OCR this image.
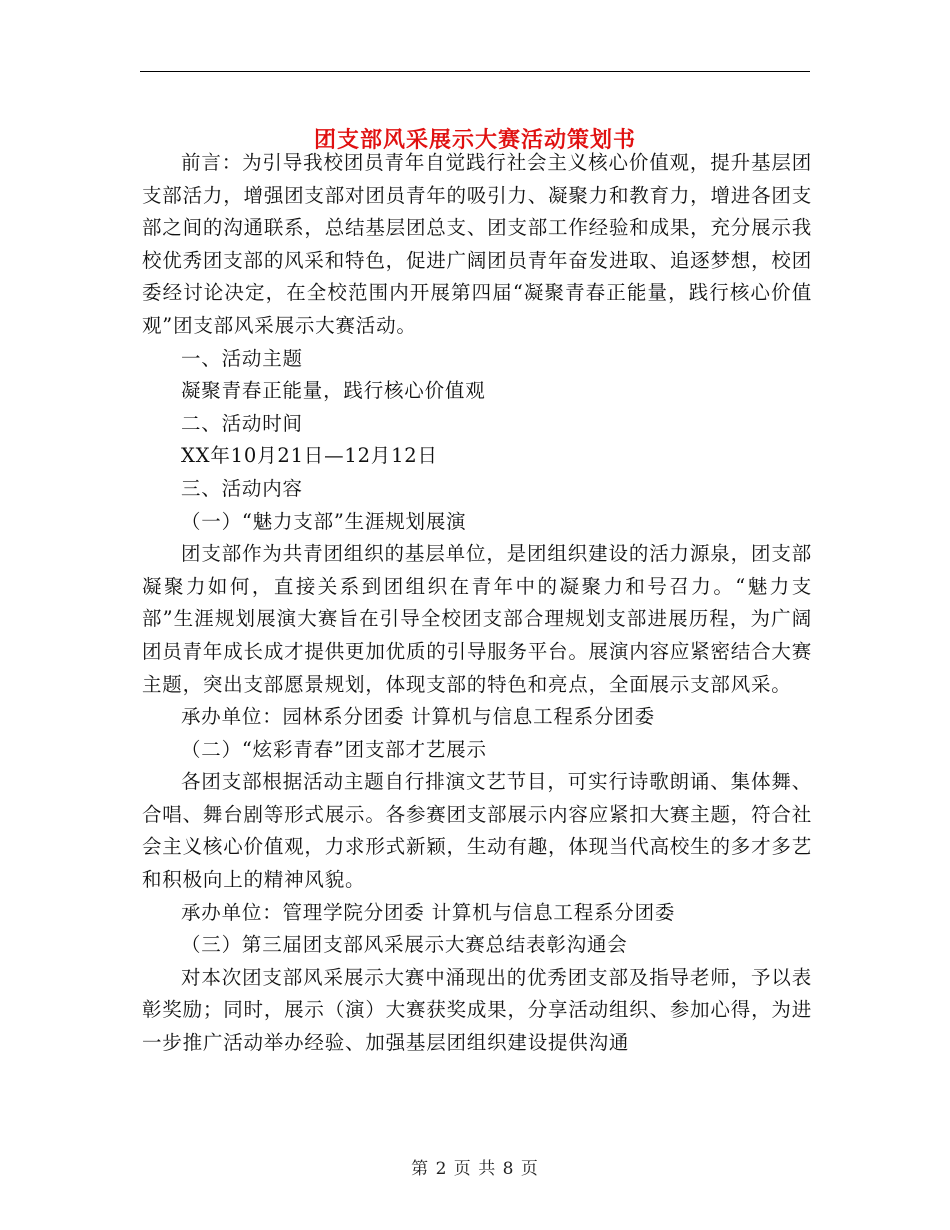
团支部风采展示大赛活动策划书

前言：为引导我校团员青年自觉践行社会主义核心价值观，提升基层团支部活力，增强团支部对团员青年的吸引力、凝聚力和教育力，增进各团支部之间的沟通联系，总结基层团总支、团支部工作经验和成果，充分展示我校优秀团支部的风采和特色，促进广阔团员青年奋发进取、追逐梦想，校团委经讨论决定，在全校范围内开展第四届“凝聚青春正能量，践行核心价值观”团支部风采展示大赛活动。

一、活动主题

凝聚青春正能量，践行核心价值观

二、活动时间

XX年10月21日—12月12日

三、活动内容

（一）“魅力支部”生涯规划展演

团支部作为共青团组织的基层单位，是团组织建设的活力源泉，团支部凝聚力如何，直接关系到团组织在青年中的凝聚力和号召力。“魅力支部”生涯规划展演大赛旨在引导全校团支部合理规划支部进展历程，为广阔团员青年成长成才提供更加优质的引导服务平台。展演内容应紧密结合大赛主题，突出支部愿景规划，体现支部的特色和亮点，全面展示支部风采。

承办单位：园林系分团委 计算机与信息工程系分团委

（二）“炫彩青春”团支部才艺展示

各团支部根据活动主题自行排演文艺节目，可实行诗歌朗诵、集体舞、合唱、舞台剧等形式展示。各参赛团支部展示内容应紧扣大赛主题，符合社会主义核心价值观，力求形式新颖，生动有趣，体现当代高校生的多才多艺和积极向上的精神风貌。

承办单位：管理学院分团委 计算机与信息工程系分团委

（三）第三届团支部风采展示大赛总结表彰沟通会

对本次团支部风采展示大赛中涌现出的优秀团支部及指导老师，予以表彰奖励；同时，展示（演）大赛获奖成果，分享活动组织、参加心得，为进一步推广活动举办经验、加强基层团组织建设提供沟通

第 2 页 共 8 页
